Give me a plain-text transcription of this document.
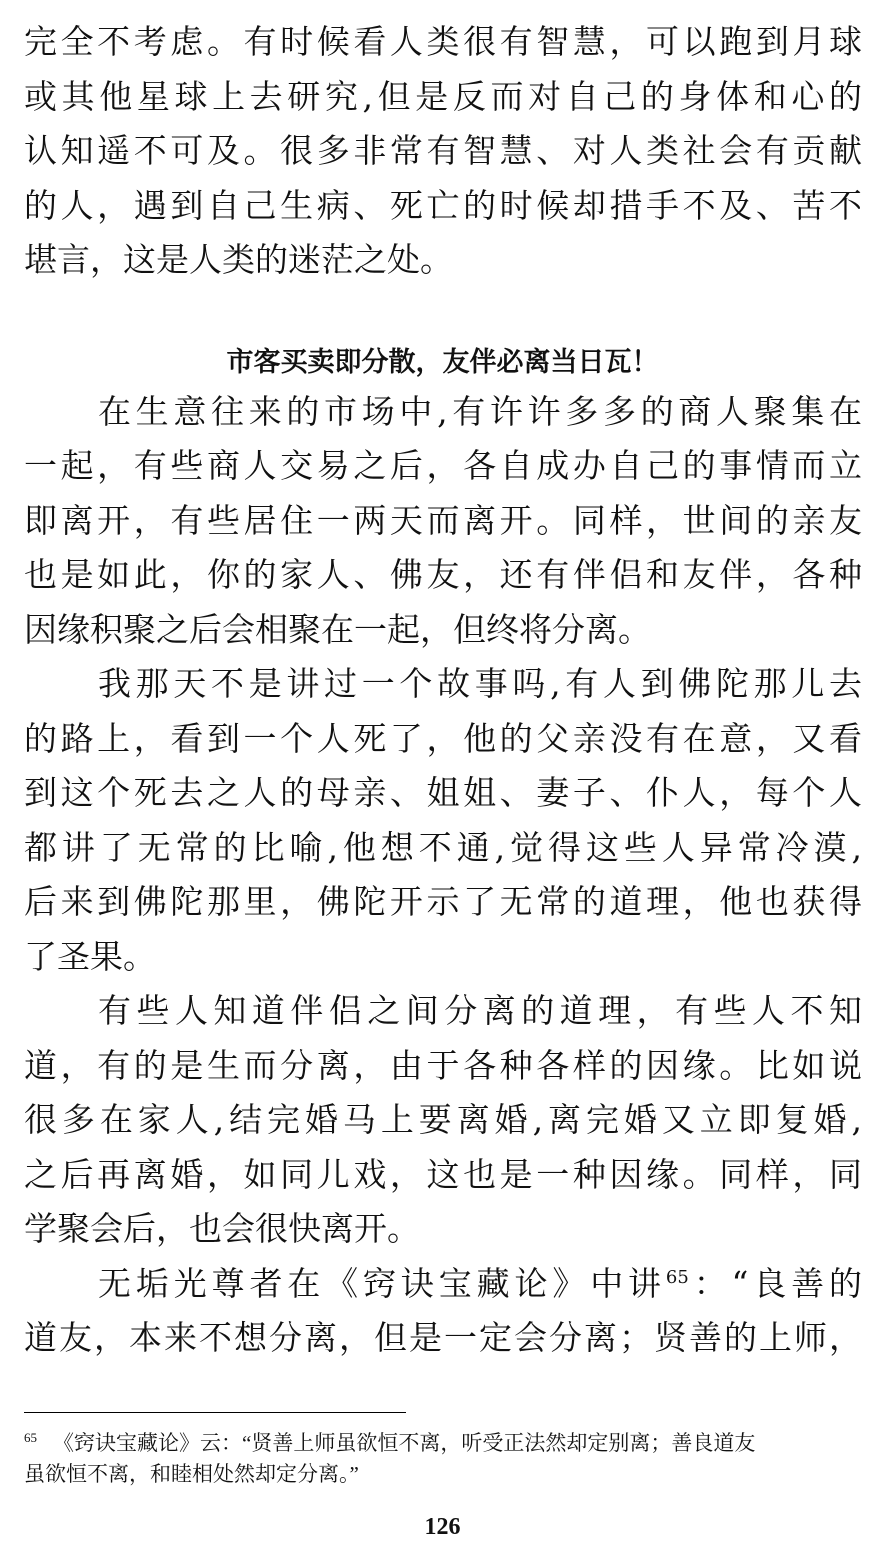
完全不考虑。有时候看人类很有智慧，可以跑到月球
或其他星球上去研究,但是反而对自己的身体和心的
认知遥不可及。很多非常有智慧、对人类社会有贡献
的人，遇到自己生病、死亡的时候却措手不及、苦不
堪言，这是人类的迷茫之处。
市客买卖即分散，友伴必离当日瓦！
在生意往来的市场中,有许许多多的商人聚集在
一起，有些商人交易之后，各自成办自己的事情而立
即离开，有些居住一两天而离开。同样，世间的亲友
也是如此，你的家人、佛友，还有伴侣和友伴，各种
因缘积聚之后会相聚在一起，但终将分离。
我那天不是讲过一个故事吗,有人到佛陀那儿去
的路上，看到一个人死了，他的父亲没有在意，又看
到这个死去之人的母亲、姐姐、妻子、仆人，每个人
都讲了无常的比喻,他想不通,觉得这些人异常冷漠,
后来到佛陀那里，佛陀开示了无常的道理，他也获得
了圣果。
有些人知道伴侣之间分离的道理，有些人不知
道，有的是生而分离，由于各种各样的因缘。比如说
很多在家人,结完婚马上要离婚,离完婚又立即复婚,
之后再离婚，如同儿戏，这也是一种因缘。同样，同
学聚会后，也会很快离开。
无垢光尊者在《窍诀宝藏论》中讲$^{65}$：“良善的
道友，本来不想分离，但是一定会分离；贤善的上师，
$^{65}$ 《窍诀宝藏论》云：“贤善上师虽欲恒不离，听受正法然却定别离；善良道友
虽欲恒不离，和睦相处然却定分离。”
126
